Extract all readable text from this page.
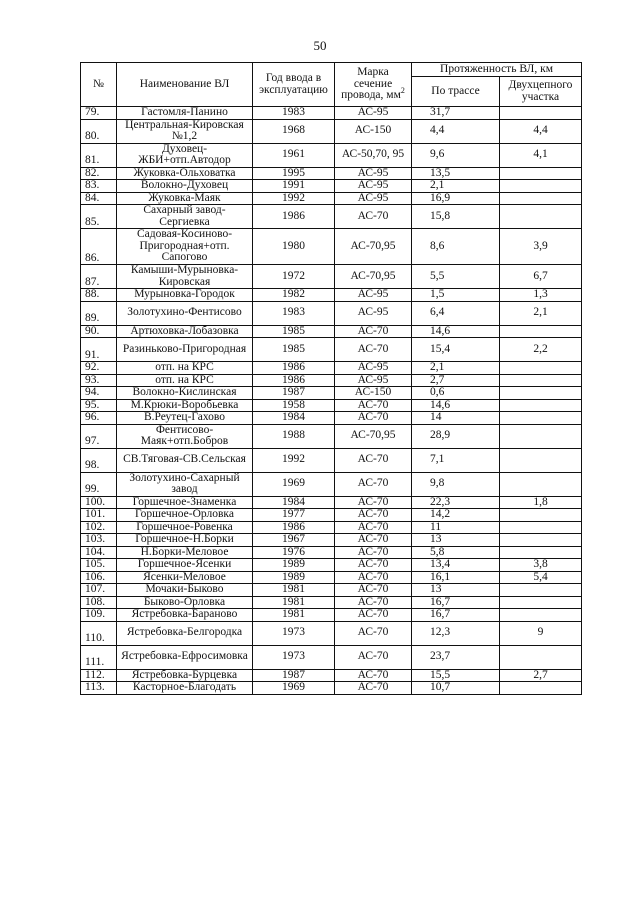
50
№	Наименование ВЛ	Год ввода в эксплуатацию	Марка сечение провода, $мм^2$	Протяженность ВЛ, км	
				По трассе	Двухцепного участка
79.	Гастомля-Панино	1983	АС-95	31,7	
80.	Центральная-Кировская №1,2	1968	АС-150	4,4	4,4
81.	Духовец-ЖБИ+отп.Автодор	1961	АС-50,70, 95	9,6	4,1
82.	Жуковка-Ольховатка	1995	АС-95	13,5	
83.	Волокно-Духовец	1991	АС-95	2,1	
84.	Жуковка-Маяк	1992	АС-95	16,9	
85.	Сахарный завод-Сергиевка	1986	АС-70	15,8	
86.	Садовая-Косиново-Пригородная+отп. Сапогово	1980	АС-70,95	8,6	3,9
87.	Камыши-Мурыновка-Кировская	1972	АС-70,95	5,5	6,7
88.	Мурыновка-Городок	1982	АС-95	1,5	1,3
89.	Золотухино-Фентисово	1983	АС-95	6,4	2,1
90.	Артюховка-Лобазовка	1985	АС-70	14,6	
91.	Разиньково-Пригородная	1985	АС-70	15,4	2,2
92.	отп. на КРС	1986	АС-95	2,1	
93.	отп. на КРС	1986	АС-95	2,7	
94.	Волокно-Кислинская	1987	АС-150	0,6	
95.	М.Крюки-Воробьевка	1958	АС-70	14,6	
96.	В.Реутец-Гахово	1984	АС-70	14	
97.	Фентисово-Маяк+отп.Бобров	1988	АС-70,95	28,9	
98.	СВ.Тяговая-СВ.Сельская	1992	АС-70	7,1	
99.	Золотухино-Сахарный завод	1969	АС-70	9,8	
100.	Горшечное-Знаменка	1984	АС-70	22,3	1,8
101.	Горшечное-Орловка	1977	АС-70	14,2	
102.	Горшечное-Ровенка	1986	АС-70	11	
103.	Горшечное-Н.Борки	1967	АС-70	13	
104.	Н.Борки-Меловое	1976	АС-70	5,8	
105.	Горшечное-Ясенки	1989	АС-70	13,4	3,8
106.	Ясенки-Меловое	1989	АС-70	16,1	5,4
107.	Мочаки-Быково	1981	АС-70	13	
108.	Быково-Орловка	1981	АС-70	16,7	
109.	Ястребовка-Бараново	1981	АС-70	16,7	
110.	Ястребовка-Белгородка	1973	АС-70	12,3	9
111.	Ястребовка-Ефросимовка	1973	АС-70	23,7	
112.	Ястребовка-Бурцевка	1987	АС-70	15,5	2,7
113.	Касторное-Благодать	1969	АС-70	10,7	
